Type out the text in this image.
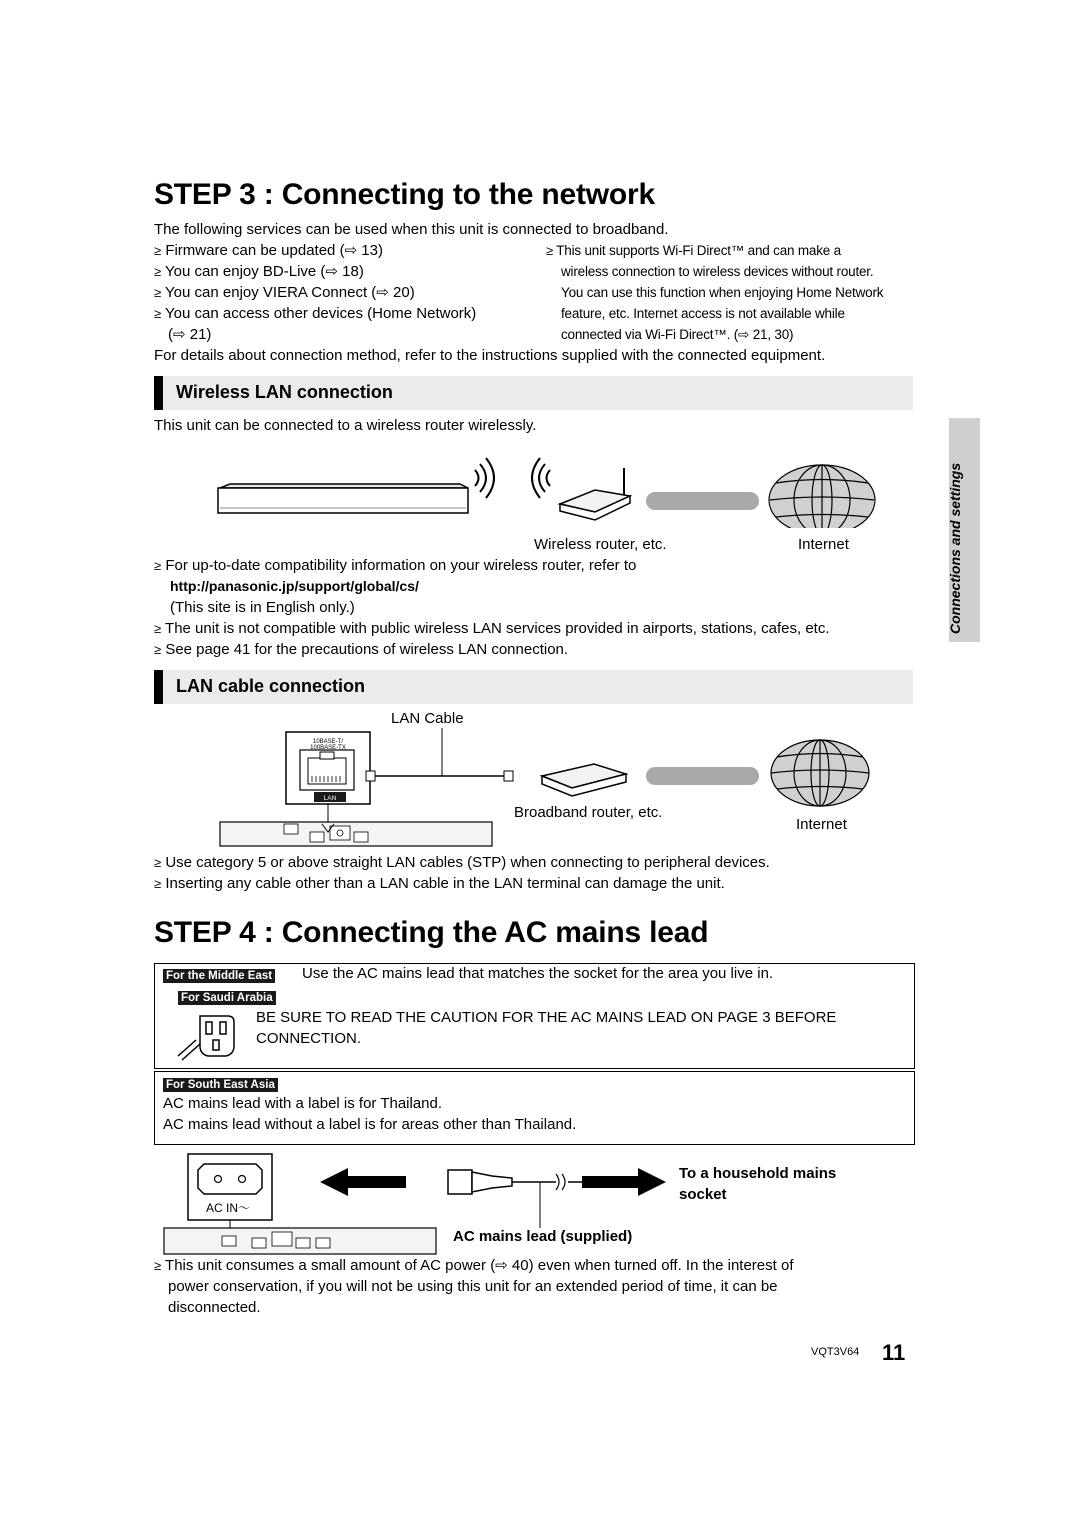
STEP 3 : Connecting to the network
The following services can be used when this unit is connected to broadband.
≥ Firmware can be updated (⇨ 13)
≥ You can enjoy BD-Live (⇨ 18)
≥ You can enjoy VIERA Connect (⇨ 20)
≥ You can access other devices (Home Network)
(⇨ 21)
≥ This unit supports Wi-Fi Direct™ and can make a
wireless connection to wireless devices without router.
You can use this function when enjoying Home Network
feature, etc. Internet access is not available while
connected via Wi-Fi Direct™. (⇨ 21, 30)
For details about connection method, refer to the instructions supplied with the connected equipment.
Wireless LAN connection
This unit can be connected to a wireless router wirelessly.
Wireless router, etc.	Internet
≥ For up-to-date compatibility information on your wireless router, refer to
http://panasonic.jp/support/global/cs/
(This site is in English only.)
≥ The unit is not compatible with public wireless LAN services provided in airports, stations, cafes, etc.
≥ See page 41 for the precautions of wireless LAN connection.
Connections and settings
LAN cable connection
LAN Cable
10BASE-T/
100BASE-TX
LAN
Broadband router, etc.
Internet
≥ Use category 5 or above straight LAN cables (STP) when connecting to peripheral devices.
≥ Inserting any cable other than a LAN cable in the LAN terminal can damage the unit.
STEP 4 : Connecting the AC mains lead
For the Middle East Use the AC mains lead that matches the socket for the area you live in.
For Saudi Arabia
BE SURE TO READ THE CAUTION FOR THE AC MAINS LEAD ON PAGE 3 BEFORE
CONNECTION.
For South East Asia
AC mains lead with a label is for Thailand.
AC mains lead without a label is for areas other than Thailand.
AC IN～
To a household mains
socket
AC mains lead (supplied)
≥ This unit consumes a small amount of AC power (⇨ 40) even when turned off. In the interest of
power conservation, if you will not be using this unit for an extended period of time, it can be
disconnected.
VQT3V64 11
